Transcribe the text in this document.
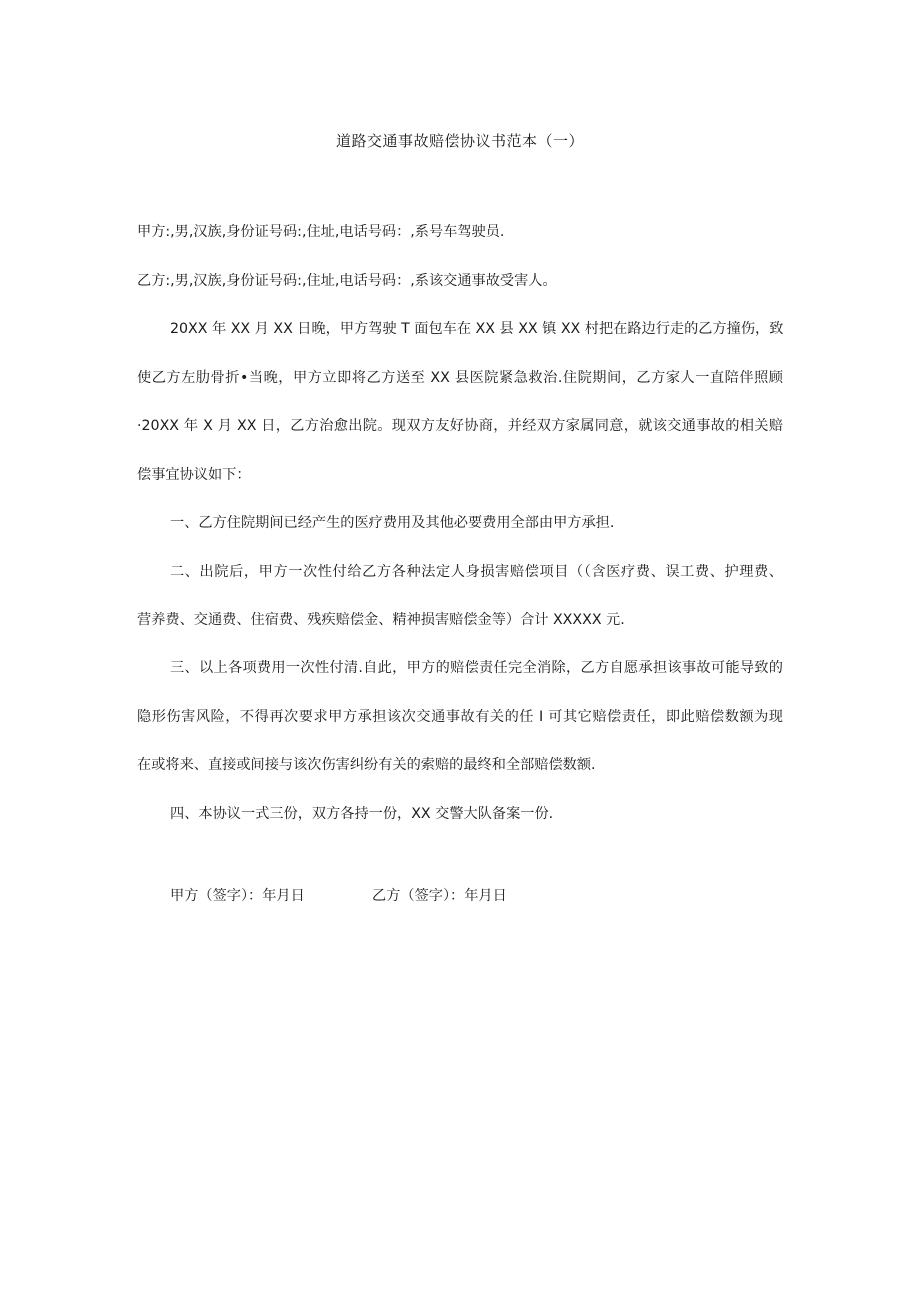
道路交通事故赔偿协议书范本（一）
甲方:,男,汉族,身份证号码:,住址,电话号码：,系号车驾驶员.
乙方:,男,汉族,身份证号码:,住址,电话号码：,系该交通事故受害人。
20XX 年 XX 月 XX 日晚，甲方驾驶 T 面包车在 XX 县 XX 镇 XX 村把在路边行走的乙方撞伤，致
使乙方左肋骨折•当晚，甲方立即将乙方送至 XX 县医院紧急救治.住院期间，乙方家人一直陪伴照顾
·20XX 年 X 月 XX 日，乙方治愈出院。现双方友好协商，并经双方家属同意，就该交通事故的相关赔
偿事宜协议如下：
一、乙方住院期间已经产生的医疗费用及其他必要费用全部由甲方承担.
二、出院后，甲方一次性付给乙方各种法定人身损害赔偿项目（（含医疗费、误工费、护理费、
营养费、交通费、住宿费、残疾赔偿金、精神损害赔偿金等）合计 XXXXX 元.
三、以上各项费用一次性付清.自此，甲方的赔偿责任完全消除，乙方自愿承担该事故可能导致的
隐形伤害风险，不得再次要求甲方承担该次交通事故有关的任 I 可其它赔偿责任，即此赔偿数额为现
在或将来、直接或间接与该次伤害纠纷有关的索赔的最终和全部赔偿数额.
四、本协议一式三份，双方各持一份，XX 交警大队备案一份.
甲方（签字）：年月日	乙方（签字）：年月日
